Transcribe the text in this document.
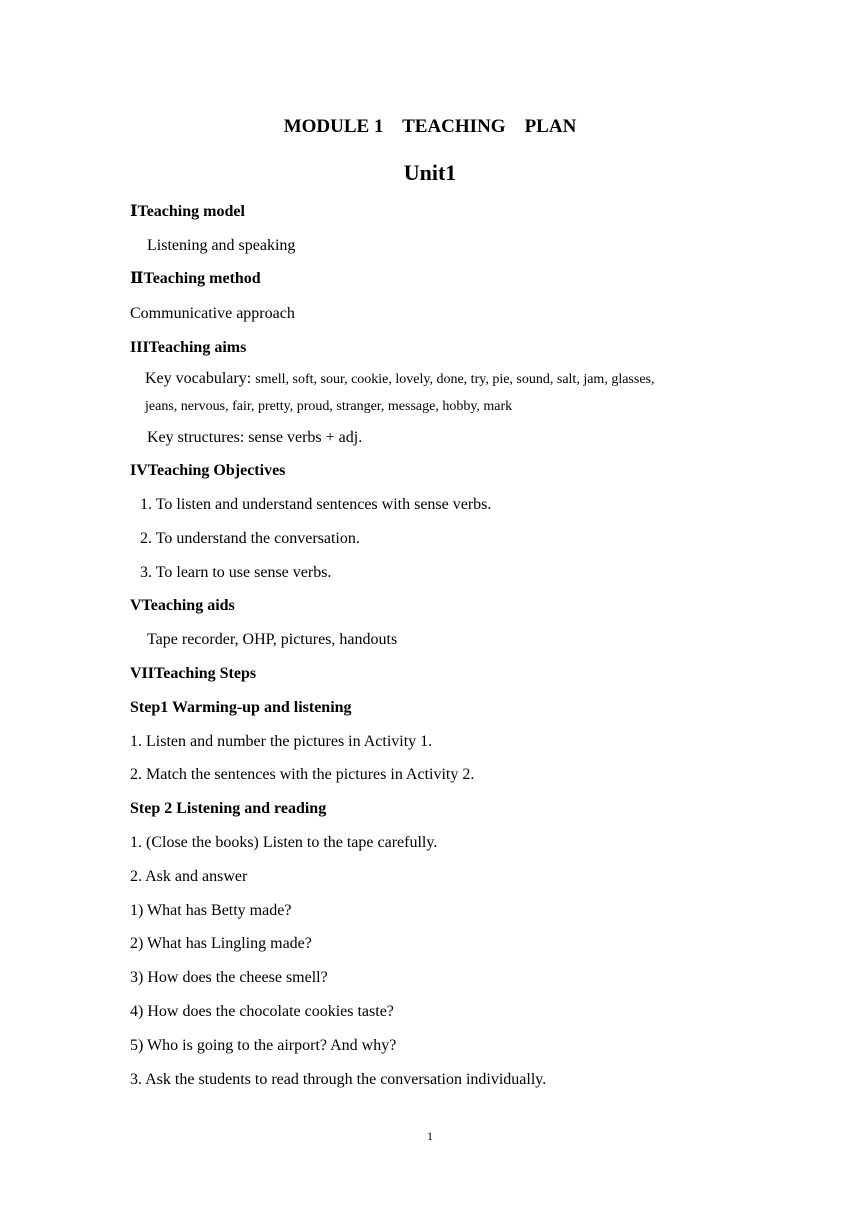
MODULE 1    TEACHING    PLAN
Unit1
ⅠTeaching model
Listening and speaking
ⅡTeaching method
Communicative approach
IIITeaching aims
Key vocabulary: smell, soft, sour, cookie, lovely, done, try, pie, sound, salt, jam, glasses,
jeans, nervous, fair, pretty, proud, stranger, message, hobby, mark
Key structures: sense verbs + adj.
IVTeaching Objectives
1. To listen and understand sentences with sense verbs.
2. To understand the conversation.
3. To learn to use sense verbs.
VTeaching aids
Tape recorder, OHP, pictures, handouts
VIITeaching Steps
Step1 Warming-up and listening
1. Listen and number the pictures in Activity 1.
2. Match the sentences with the pictures in Activity 2.
Step 2 Listening and reading
1. (Close the books) Listen to the tape carefully.
2. Ask and answer
1) What has Betty made?
2) What has Lingling made?
3) How does the cheese smell?
4) How does the chocolate cookies taste?
5) Who is going to the airport? And why?
3. Ask the students to read through the conversation individually.
1
